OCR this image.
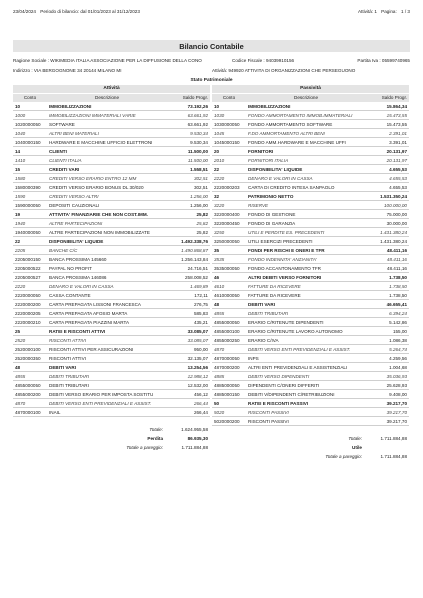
23/04/2024 Periodo di bilancio: dal 01/01/2023 al 31/12/2023	Attività: 1 Pagina: 1 / 3
Bilancio Contabile
Ragione Sociale : WIKIMEDIA ITALIA ASSOCIAZIONE PER LA DIFFUSIONE DELLA CONO	Codice Fiscale : 94039910156	Partita Iva : 05599740965
Indirizzo : VIA BERGOGNONE 34 20144 MILANO MI	Attività: 949920 ATTIVITA DI ORGANIZZAZIONI CHE PERSEGUONO
Stato Patrimoniale
Attività
Conto	Descrizione	Saldo Progr.
10	IMMOBILIZZAZIONI	73.192,26
1000	IMMOBILIZZAZIONI IMMATERIALI VARIE	63.661,92
1020000050	SOFTWARE	63.661,92
1040	ALTRI BENI MATERIALI	9.530,34
1040000150	HARDWARE E MACCHINE UFFICIO ELETTRONI	9.530,34
14	CLIENTI	11.500,00
1410	CLIENTI ITALIA	11.500,00
15	CREDITI VARI	1.558,51
1580	CREDITI VERSO ERARIO ENTRO 12 MM	302,51
1580000390	CREDITI VERSO ERARIO BONUS DL 30/020	302,51
1590	CREDITI VERSO ALTRI	1.256,00
1590000050	DEPOSITI CAUZIONALI	1.256,00
19	ATTIVITA' FINANZIARIE CHE NON COST.IMM.	25,82
1940	ALTRE PARTECIPAZIONI	25,82
1940000050	ALTRE PARTECIPAZIONI NON IMMOBILIZZATE	25,82
22	DISPONIBILITA' LIQUIDE	1.492.338,76
2205	BANCHE C/C	1.490.868,87
2205000150	BANCA PROSSIMA 145660	1.256.143,84
2205000522	PAYPAL NO PROFIT	24.716,51
2205000527	BANCA PROSSIMA 146086	258.008,52
2220	DENARO E VALORI IN CASSA	1.469,89
2220000050	CASSA CONTANTE	172,11
2220000200	CARTA PREPAGATA LISSONI FRANCESCA	276,75
2220000205	CARTA PREPAGATA AFOSIO MARTA	585,83
2220000210	CARTA PREPAGATA PIAZZINI MARTA	435,21
25	RATEI E RISCONTI ATTIVI	33.085,07
2520	RISCONTI ATTIVI	33.085,07
2520000100	RISCONTI ATTIVI PER ASSICURAZIONI	950,00
2520000350	RISCONTI ATTIVI	32.135,07
48	DEBITI VARI	13.254,56
4855	DEBITI TRIBUTARI	12.988,12
4855000050	DEBITI TRIBUTARI	12.532,00
4855000200	DEBITI VERSO ERARIO PER IMPOSTA SOSTITU	456,12
4870	DEBITI VERSO ENTI PREVIDENZIALI E ASSIST.	266,44
4870000100	INAIL	266,44
Totale:	1.624.955,58
Perdita	86.935,30
Totale a pareggio:	1.711.884,88
Passività
Conto	Descrizione	Saldo Progr.
10	IMMOBILIZZAZIONI	15.864,34
1030	FONDO AMMORTAMENTO IMMOB.IMMATERIALI	15.473,55
1030000050	FONDO AMMORTAMENTO SOFTWARE	15.473,55
1045	F.DO AMMORTAMENTO ALTRI BENI	2.391,01
1045000150	FONDO AMM.HARDWARE E MACCHINE UFFI	3.391,01
20	FORNITORI	20.131,97
2010	FORNITORI ITALIA	20.131,97
22	DISPONIBILITA' LIQUIDE	4.655,53
2220	DENARO E VALORI IN CASSA	4.655,53
2220000203	CARTA DI CREDITO INTESA SANPAOLO	4.655,53
32	PATRIMONIO NETTO	1.531.350,24
3220	RISERVE	100.000,00
3220000400	FONDO DI GESTIONE	75.000,00
3220000450	FONDO DI GARANZIA	30.000,00
3250	UTILI E PERDITE ES. PRECEDENTI	1.431.380,24
3250000050	UTILI ESERCIZI PRECEDENTI	1.431.380,24
35	FONDI PER RISCHI E ONERI E TFR	48.411,16
3535	FONDO INDENNITA' ANZIANITA'	48.411,16
3535000050	FONDO ACCANTONAMENTO TFR	48.411,16
46	ALTRI DEBITI VERSO FORNITORI	1.738,50
4610	FATTURE DA RICEVERE	1.738,50
4610000050	FATTURE DA RICEVERE	1.738,50
48	DEBITI VARI	46.655,41
4855	DEBITI TRIBUTARI	6.394,24
4855000050	ERARIO C/RITENUTE DIPENDENTI	5.142,86
4855000100	ERARIO C/RITENUTE LAVORO AUTONOMO	155,00
4855000250	ERARIO C/IVA	1.086,38
4870	DEBITI VERSO ENTI PREVIDENZIALI E ASSIST.	5.264,74
4870000050	INPS	4.259,56
4870000200	ALTRI ENTI PREVIDENZIALI E ASSISTENZIALI	1.004,68
4885	DEBITI VERSO DIPENDENTI	35.036,93
4885000050	DIPENDENTI C/ONERI DIFFERITI	25.628,93
4885000150	DEBITI V/DIPENDENTI C/RETRIBUZIONI	9.408,00
50	RATEI E RISCONTI PASSIVI	39.217,70
5020	RISCONTI PASSIVI	39.217,70
5020000200	RISCONTI PASSIVI	39.217,70
Totale:	1.711.884,88
Utile
Totale a pareggio:	1.711.884,88
